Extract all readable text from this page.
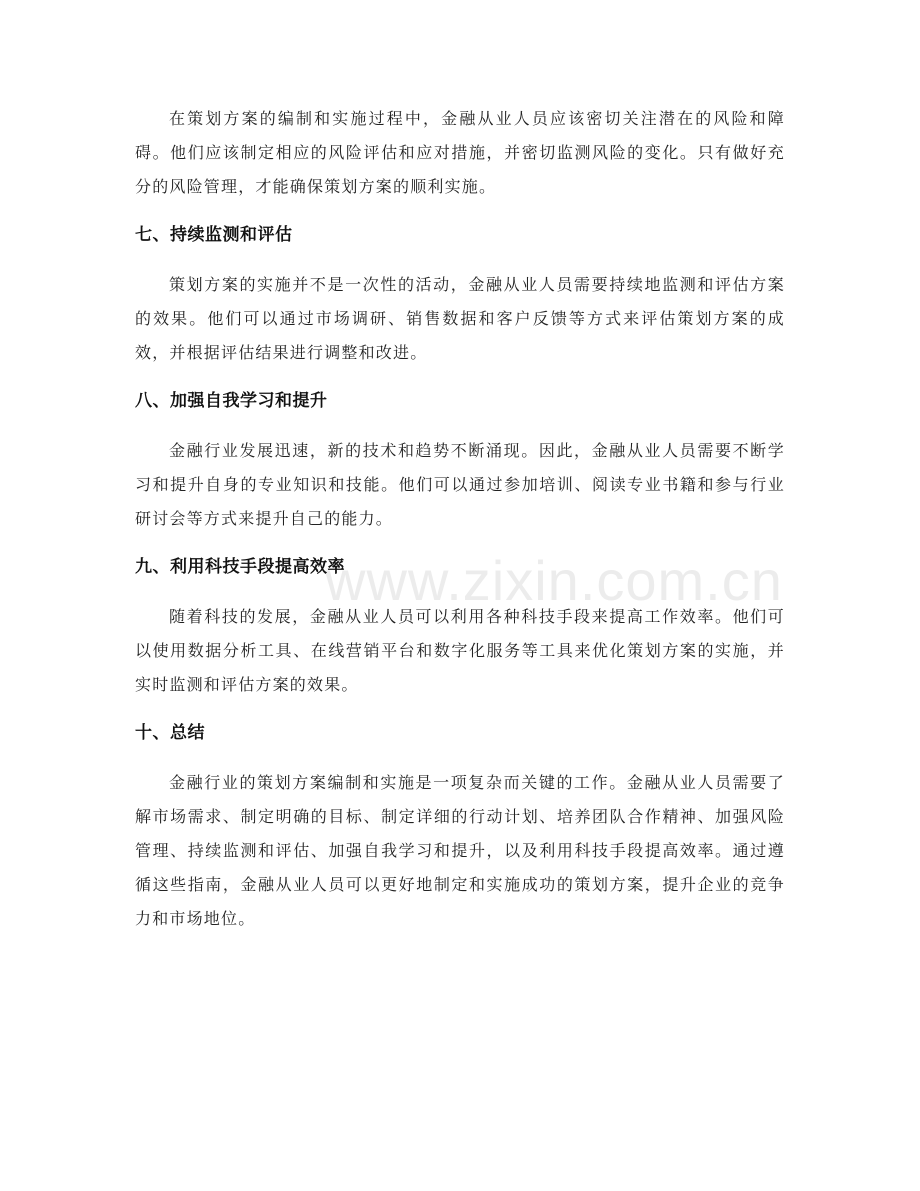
www.zixin.com.cn

在策划方案的编制和实施过程中，金融从业人员应该密切关注潜在的风险和障碍。他们应该制定相应的风险评估和应对措施，并密切监测风险的变化。只有做好充分的风险管理，才能确保策划方案的顺利实施。

七、持续监测和评估

策划方案的实施并不是一次性的活动，金融从业人员需要持续地监测和评估方案的效果。他们可以通过市场调研、销售数据和客户反馈等方式来评估策划方案的成效，并根据评估结果进行调整和改进。

八、加强自我学习和提升

金融行业发展迅速，新的技术和趋势不断涌现。因此，金融从业人员需要不断学习和提升自身的专业知识和技能。他们可以通过参加培训、阅读专业书籍和参与行业研讨会等方式来提升自己的能力。

九、利用科技手段提高效率

随着科技的发展，金融从业人员可以利用各种科技手段来提高工作效率。他们可以使用数据分析工具、在线营销平台和数字化服务等工具来优化策划方案的实施，并实时监测和评估方案的效果。

十、总结

金融行业的策划方案编制和实施是一项复杂而关键的工作。金融从业人员需要了解市场需求、制定明确的目标、制定详细的行动计划、培养团队合作精神、加强风险管理、持续监测和评估、加强自我学习和提升，以及利用科技手段提高效率。通过遵循这些指南，金融从业人员可以更好地制定和实施成功的策划方案，提升企业的竞争力和市场地位。
